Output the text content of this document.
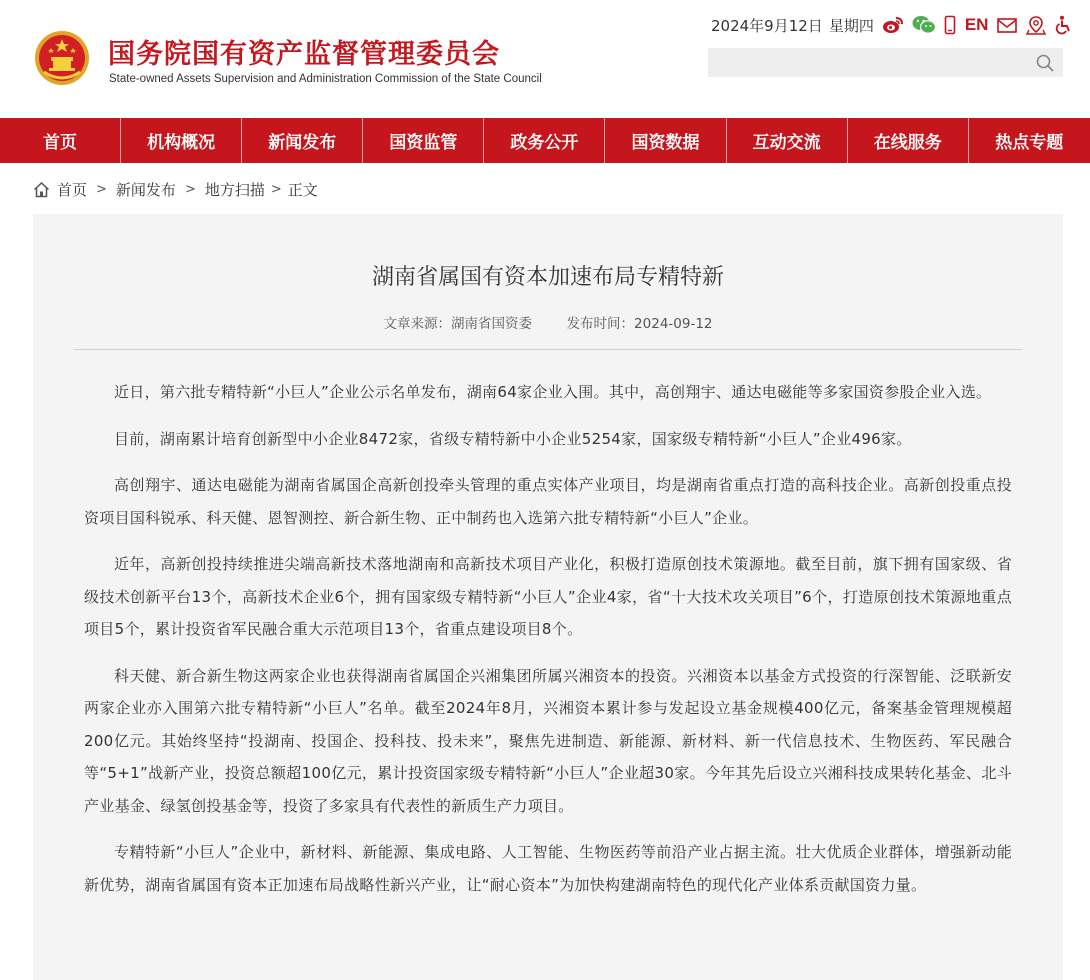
国务院国有资产监督管理委员会
State-owned Assets Supervision and Administration Commission of the State Council
2024年9月12日 星期四	EN
首页	机构概况	新闻发布	国资监管	政务公开	国资数据	互动交流	在线服务	热点专题
首页 > 新闻发布 > 地方扫描 > 正文
湖南省属国有资本加速布局专精特新
文章来源：湖南省国资委	发布时间：2024-09-12

近日，第六批专精特新“小巨人”企业公示名单发布，湖南64家企业入围。其中，高创翔宇、通达电磁能等多家国资参股企业入选。

目前，湖南累计培育创新型中小企业8472家，省级专精特新中小企业5254家，国家级专精特新“小巨人”企业496家。

高创翔宇、通达电磁能为湖南省属国企高新创投牵头管理的重点实体产业项目，均是湖南省重点打造的高科技企业。高新创投重点投资项目国科锐承、科天健、恩智测控、新合新生物、正中制药也入选第六批专精特新“小巨人”企业。

近年，高新创投持续推进尖端高新技术落地湖南和高新技术项目产业化，积极打造原创技术策源地。截至目前，旗下拥有国家级、省级技术创新平台13个，高新技术企业6个，拥有国家级专精特新“小巨人”企业4家，省“十大技术攻关项目”6个，打造原创技术策源地重点项目5个，累计投资省军民融合重大示范项目13个，省重点建设项目8个。

科天健、新合新生物这两家企业也获得湖南省属国企兴湘集团所属兴湘资本的投资。兴湘资本以基金方式投资的行深智能、泛联新安两家企业亦入围第六批专精特新“小巨人”名单。截至2024年8月，兴湘资本累计参与发起设立基金规模400亿元，备案基金管理规模超200亿元。其始终坚持“投湖南、投国企、投科技、投未来”，聚焦先进制造、新能源、新材料、新一代信息技术、生物医药、军民融合等“5+1”战新产业，投资总额超100亿元，累计投资国家级专精特新“小巨人”企业超30家。今年其先后设立兴湘科技成果转化基金、北斗产业基金、绿氢创投基金等，投资了多家具有代表性的新质生产力项目。

专精特新“小巨人”企业中，新材料、新能源、集成电路、人工智能、生物医药等前沿产业占据主流。壮大优质企业群体，增强新动能新优势，湖南省属国有资本正加速布局战略性新兴产业，让“耐心资本”为加快构建湖南特色的现代化产业体系贡献国资力量。
